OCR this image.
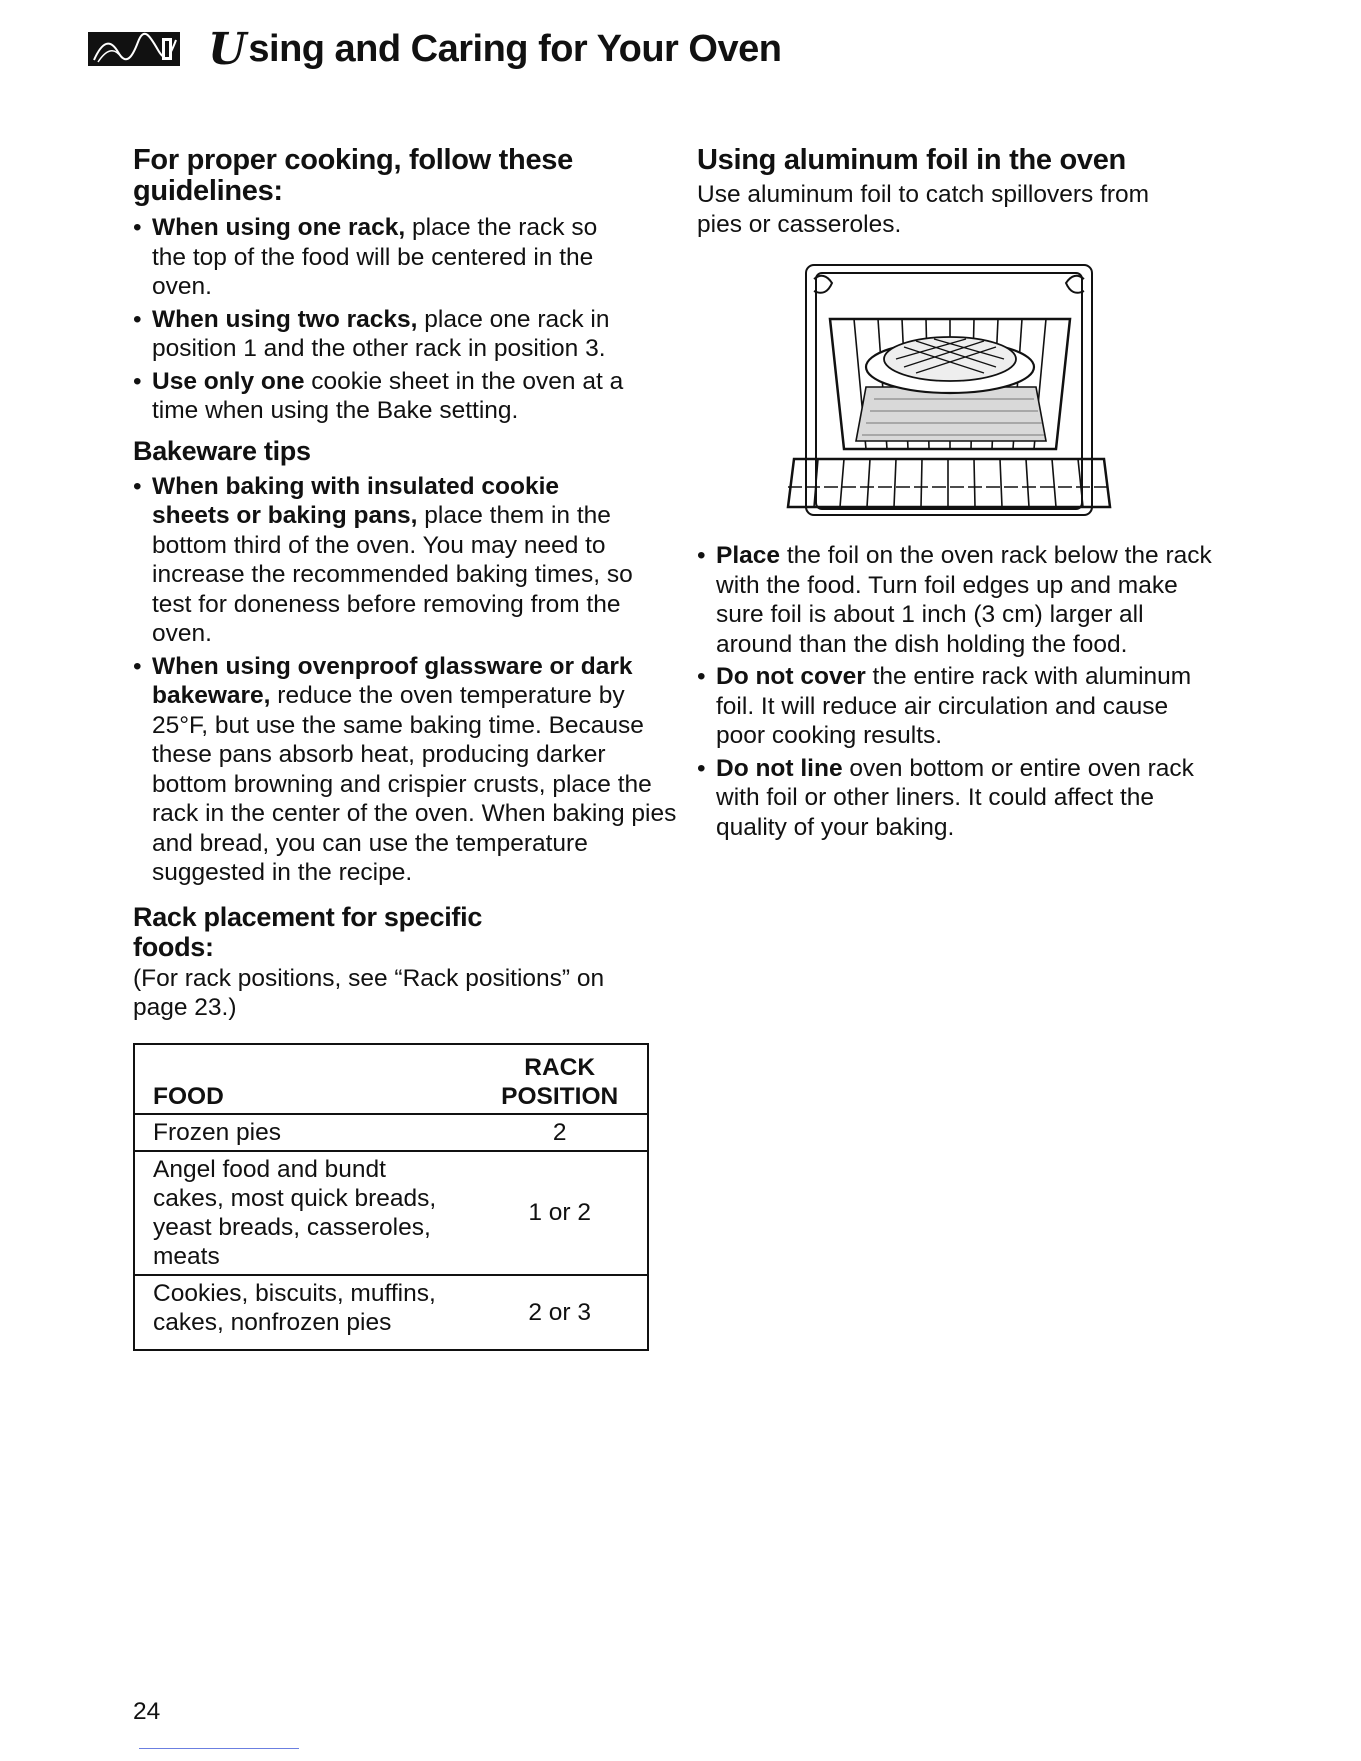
U sing and Caring for Your Oven
For proper cooking, follow these guidelines:
• When using one rack, place the rack so the top of the food will be centered in the oven.
• When using two racks, place one rack in position 1 and the other rack in position 3.
• Use only one cookie sheet in the oven at a time when using the Bake setting.
Bakeware tips
• When baking with insulated cookie sheets or baking pans, place them in the bottom third of the oven. You may need to increase the recommended baking times, so test for doneness before removing from the oven.
• When using ovenproof glassware or dark bakeware, reduce the oven temperature by 25°F, but use the same baking time. Because these pans absorb heat, producing darker bottom browning and crispier crusts, place the rack in the center of the oven. When baking pies and bread, you can use the temperature suggested in the recipe.
Rack placement for specific foods:

(For rack positions, see “Rack positions” on page 23.)

FOOD	RACK
POSITION
Frozen pies	2
Angel food and bundt cakes, most quick breads, yeast breads, casseroles, meats	1 or 2
Cookies, biscuits, muffins, cakes, nonfrozen pies	2 or 3
Using aluminum foil in the oven

Use aluminum foil to catch spillovers from pies or casseroles.

• Place the foil on the oven rack below the rack with the food. Turn foil edges up and make sure foil is about 1 inch (3 cm) larger all around than the dish holding the food.
• Do not cover the entire rack with aluminum foil. It will reduce air circulation and cause poor cooking results.
• Do not line oven bottom or entire oven rack with foil or other liners. It could affect the quality of your baking.
24
